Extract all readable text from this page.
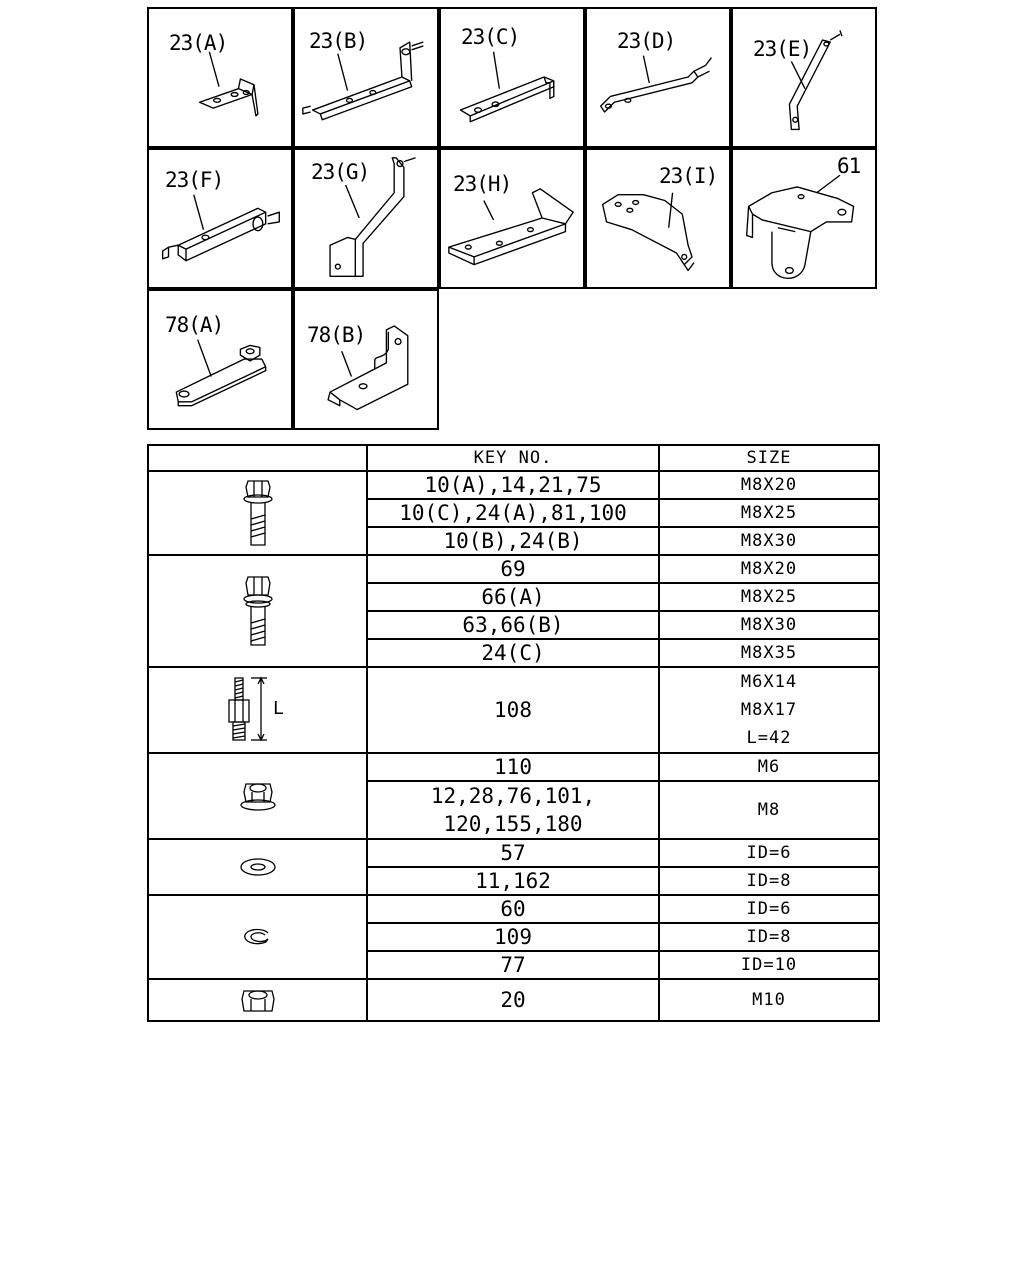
23(A)	23(B)	23(C)	23(D)	23(E)
23(F)	23(G)	23(H)	23(I)	61
78(A)	78(B)
	KEY NO.	SIZE

	10(A),14,21,75	M8X20
	10(C),24(A),81,100	M8X25
	10(B),24(B)	M8X30

	69	M8X20
	66(A)	M8X25
	63,66(B)	M8X30
	24(C)	M8X35

L	108	M6X14
M8X17
L=42

	110	M6

	12,28,76,101,
120,155,180	M8

	57	ID=6
	11,162	ID=8

	60	ID=6
	109	ID=8
	77	ID=10

	20	M10
